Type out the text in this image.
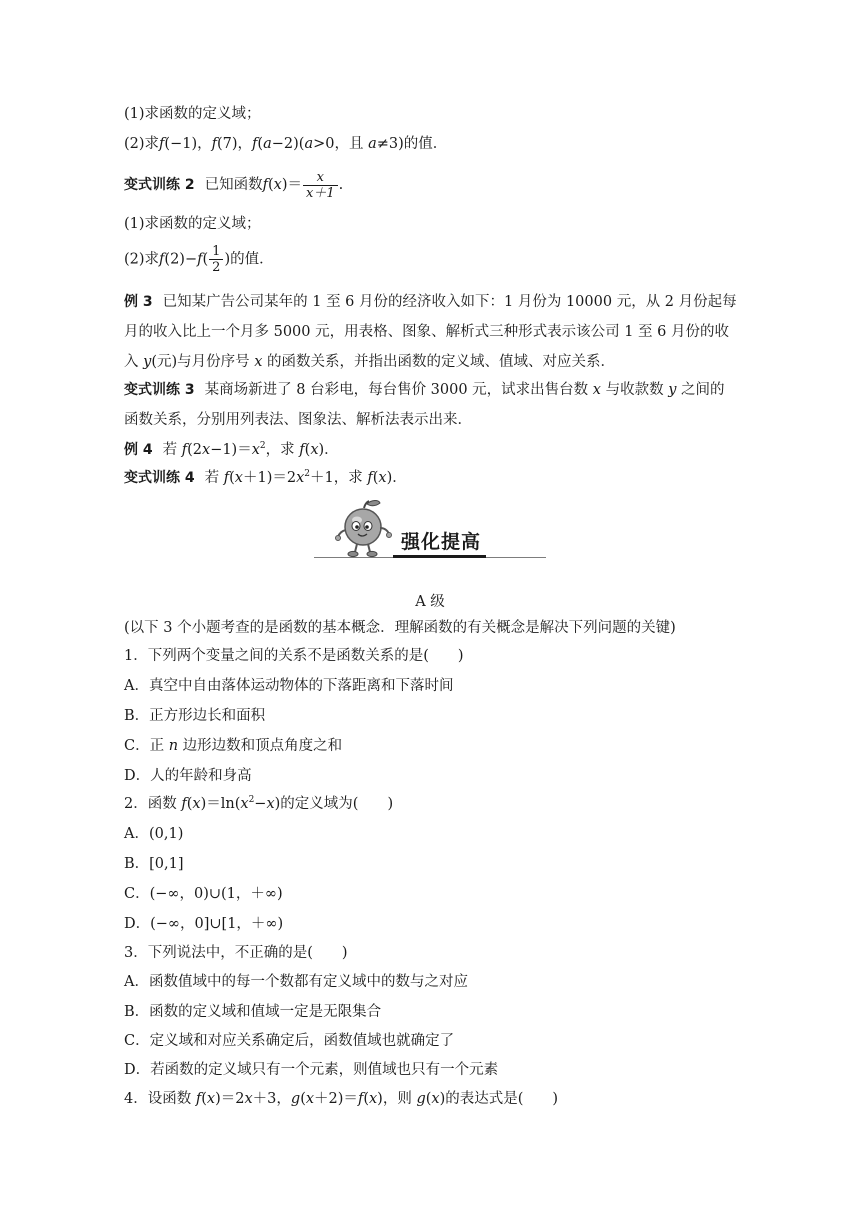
(1)求函数的定义域；
(2)求f(−1)，f(7)，f(a−2)(a>0，且 a≠3)的值．
变式训练 2 已知函数$f(x)= \frac{x}{x+1}$ .
(1)求函数的定义域；
(2)求$f(2)-f( \frac{1}{2}$ )的值．
例 3 已知某广告公司某年的 1 至 6 月份的经济收入如下：1 月份为 10000 元，从 2 月份起每
月的收入比上一个月多 5000 元，用表格、图象、解析式三种形式表示该公司 1 至 6 月份的收
入 y(元)与月份序号 x 的函数关系，并指出函数的定义域、值域、对应关系．
变式训练 3 某商场新进了 8 台彩电，每台售价 3000 元，试求出售台数 x 与收款数 y 之间的
函数关系，分别用列表法、图象法、解析法表示出来．
例 4 若 $f(2x-1)=x^2$，求 f(x)．
变式训练 4 若 $f(x+1)=2x^2+1$，求 f(x)．
强化提高
A 级
(以下 3 个小题考查的是函数的基本概念．理解函数的有关概念是解决下列问题的关键)
1．下列两个变量之间的关系不是函数关系的是(　　)
A．真空中自由落体运动物体的下落距离和下落时间
B．正方形边长和面积
C．正 n 边形边数和顶点角度之和
D．人的年龄和身高
2．函数 $f(x)=\ln(x^2-x)$的定义域为(　　)
A．(0,1)
B．[0,1]
C．(−∞，0)∪(1，＋∞)
D．(−∞，0]∪[1，＋∞)
3．下列说法中，不正确的是(　　)
A．函数值域中的每一个数都有定义域中的数与之对应
B．函数的定义域和值域一定是无限集合
C．定义域和对应关系确定后，函数值域也就确定了
D．若函数的定义域只有一个元素，则值域也只有一个元素
4．设函数 f(x)＝2x＋3，g(x＋2)＝f(x)，则 g(x)的表达式是(　　)
